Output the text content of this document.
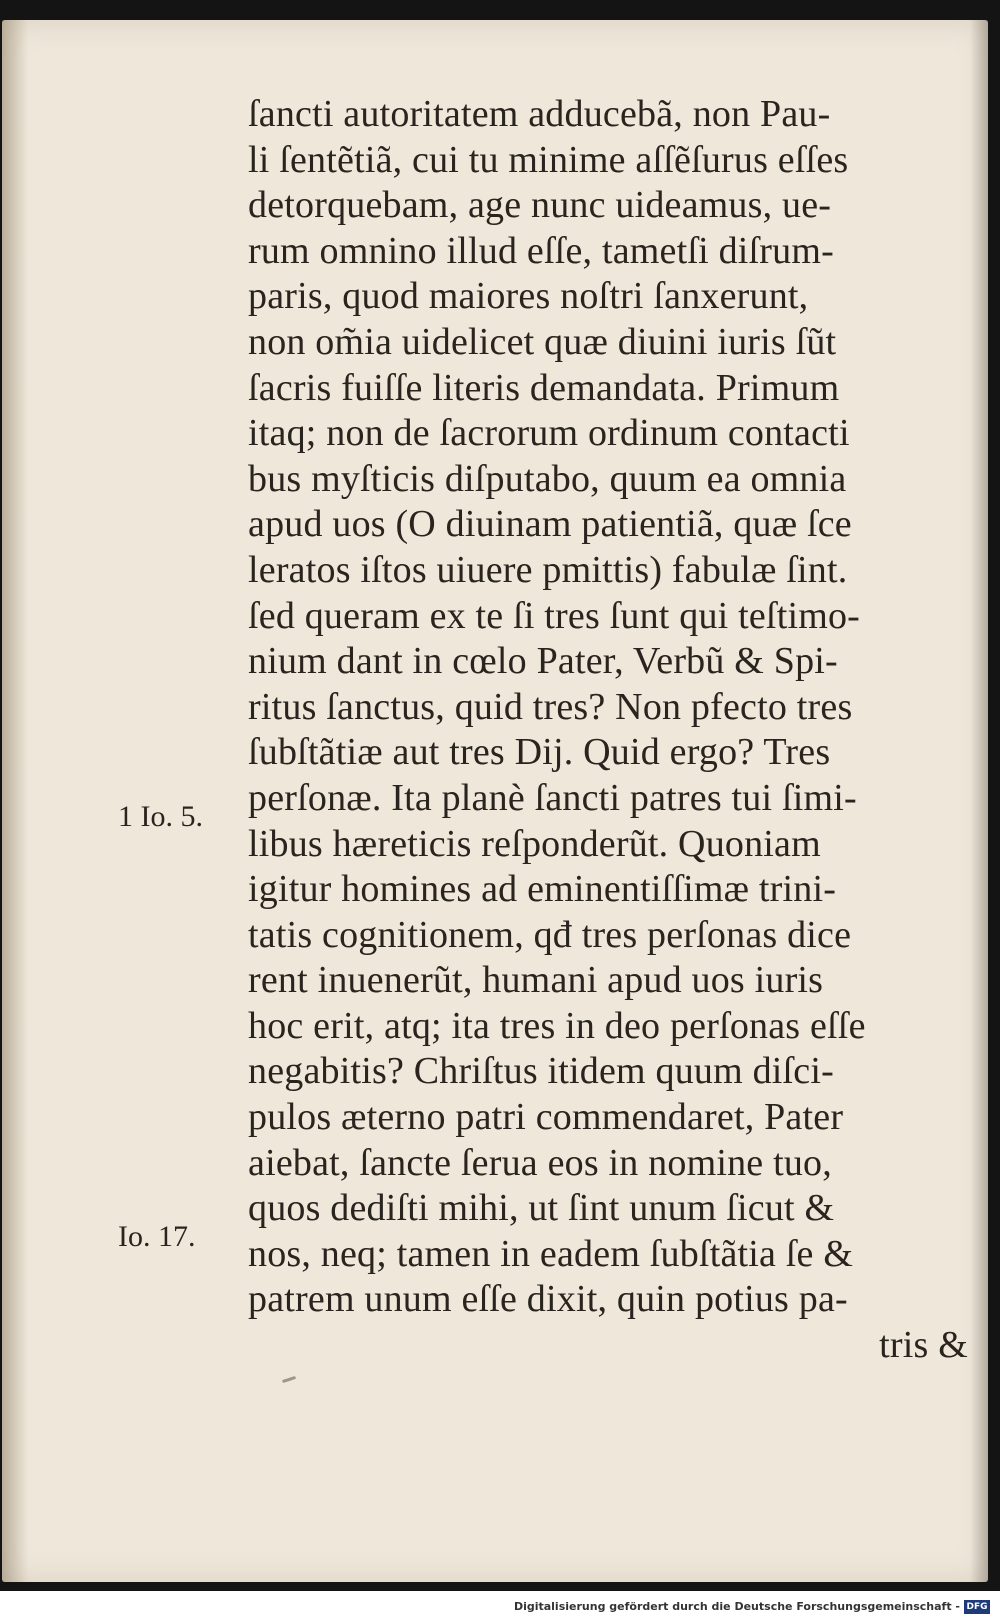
ſancti autoritatem adducebã, non Pau-
li ſentẽtiã, cui tu minime aſſẽſurus eſſes
detorquebam, age nunc uideamus, ue-
rum omnino illud eſſe, tametſi diſrum-
paris, quod maiores noſtri ſanxerunt,
non om̃ia uidelicet quæ diuini iuris ſũt
ſacris fuiſſe literis demandata. Primum
itaq; non de ſacrorum ordinum contacti
bus myſticis diſputabo, quum ea omnia
apud uos (O diuinam patientiã, quæ ſce
leratos iſtos uiuere pmittis) fabulæ ſint.
ſed queram ex te ſi tres ſunt qui teſtimo-
nium dant in cœlo Pater, Verbũ & Spi-
ritus ſanctus, quid tres? Non pfecto tres
ſubſtãtiæ aut tres Dij. Quid ergo? Tres
perſonæ. Ita planè ſancti patres tui ſimi-
libus hæreticis reſponderũt. Quoniam
igitur homines ad eminentiſſimæ trini-
tatis cognitionem, qđ tres perſonas dice
rent inuenerũt, humani apud uos iuris
hoc erit, atq; ita tres in deo perſonas eſſe
negabitis? Chriſtus itidem quum diſci-
pulos æterno patri commendaret, Pater
aiebat, ſancte ſerua eos in nomine tuo,
quos dediſti mihi, ut ſint unum ſicut &
nos, neq; tamen in eadem ſubſtãtia ſe &
patrem unum eſſe dixit, quin potius pa-
tris &
1 Io. 5.
Io. 17.
Digitalisierung gefördert durch die Deutsche Forschungsgemeinschaft - DFG
